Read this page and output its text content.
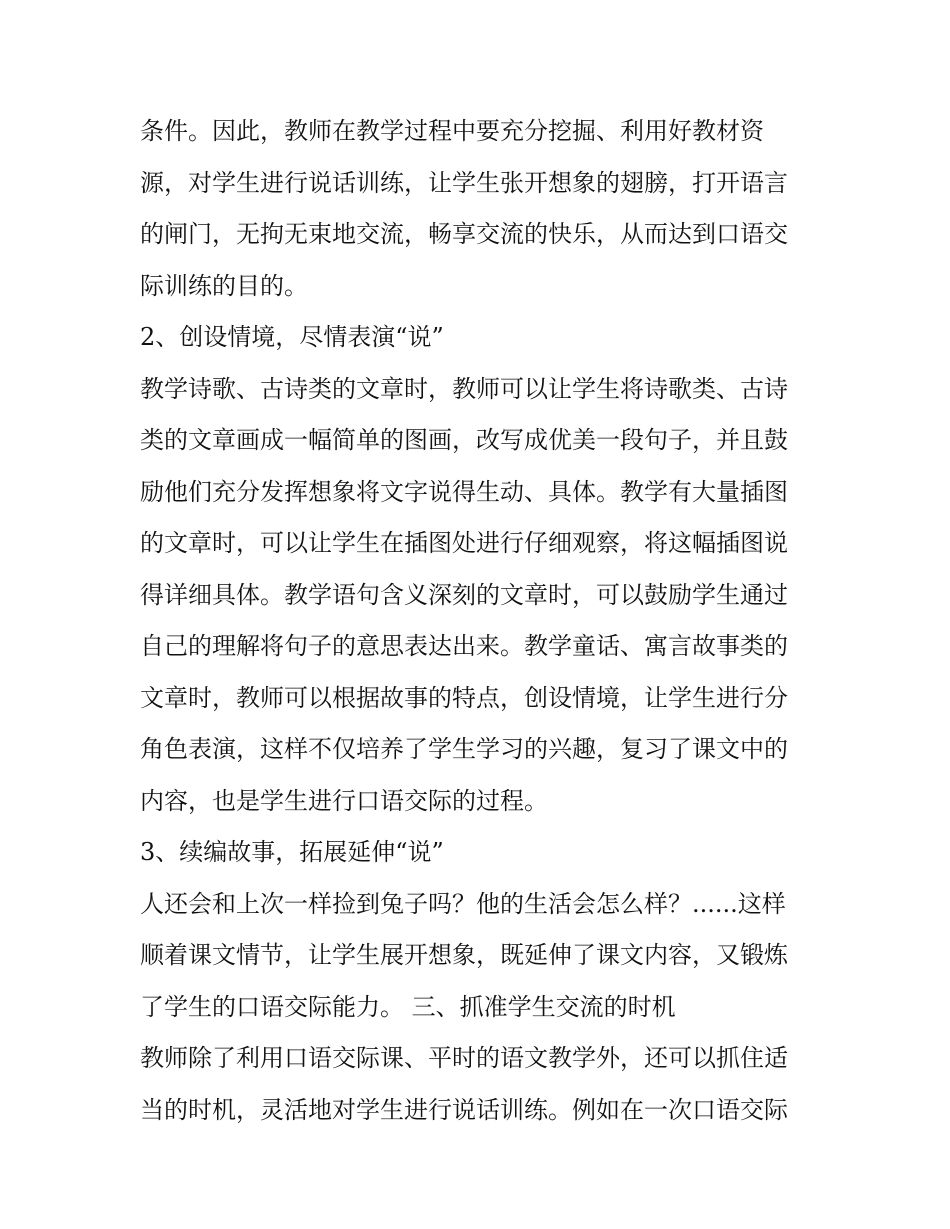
条件。因此，教师在教学过程中要充分挖掘、利用好教材资
源，对学生进行说话训练，让学生张开想象的翅膀，打开语言
的闸门，无拘无束地交流，畅享交流的快乐，从而达到口语交
际训练的目的。
2、创设情境，尽情表演“说”
教学诗歌、古诗类的文章时，教师可以让学生将诗歌类、古诗
类的文章画成一幅简单的图画，改写成优美一段句子，并且鼓
励他们充分发挥想象将文字说得生动、具体。教学有大量插图
的文章时，可以让学生在插图处进行仔细观察，将这幅插图说
得详细具体。教学语句含义深刻的文章时，可以鼓励学生通过
自己的理解将句子的意思表达出来。教学童话、寓言故事类的
文章时，教师可以根据故事的特点，创设情境，让学生进行分
角色表演，这样不仅培养了学生学习的兴趣，复习了课文中的
内容，也是学生进行口语交际的过程。
3、续编故事，拓展延伸“说”
人还会和上次一样捡到兔子吗？他的生活会怎么样？......这样
顺着课文情节，让学生展开想象，既延伸了课文内容，又锻炼
了学生的口语交际能力。 三、抓准学生交流的时机
教师除了利用口语交际课、平时的语文教学外，还可以抓住适
当的时机，灵活地对学生进行说话训练。例如在一次口语交际
